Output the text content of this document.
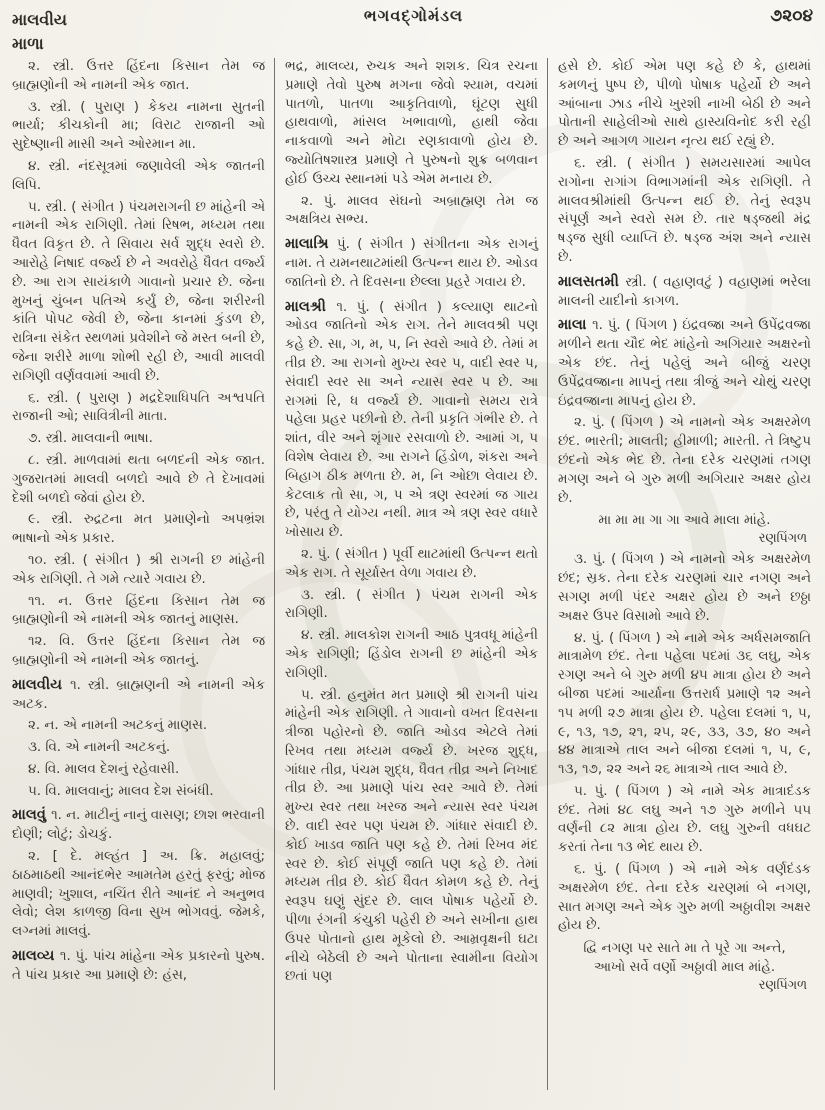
માલવીય
માળા
ભગવદ્ગોમંડલ	૭૨૦૪

૨. સ્ત્રી. ઉત્તર હિંદના કિસાન તેમ જ બ્રાહ્મણોની એ નામની એક જાત.

૩. સ્ત્રી. ( પુરાણ ) કેકય નામના સુતની ભાર્યા; કીચકોની મા; વિરાટ રાજાની ઓ સુદેષ્ણાની માસી અને ઓરમાન મા.

૪. સ્ત્રી. નંદસૂત્રમાં જણાવેલી એક જાતની લિપિ.

૫. સ્ત્રી. ( સંગીત ) પંચમરાગની છ માંહેની એ નામની એક રાગિણી. તેમાં રિષભ, મધ્યમ તથા ધૈવત વિકૃત છે. તે સિવાય સર્વ શુદ્ધ સ્વરો છે. આરોહે નિષાદ વર્જ્ય છે ને અવરોહે ધૈવત વર્જ્ય છે. આ રાગ સાયંકાળે ગાવાનો પ્રચાર છે. જેના મુખનું ચુંબન પતિએ કર્યું છે, જેના શરીરની કાંતિ પોપટ જેવી છે, જેના કાનમાં કુંડળ છે, રાત્રિના સંકેત સ્થળમાં પ્રવેશીને જે મસ્ત બની છે, જેના શરીરે માળા શોભી રહી છે, આવી માલવી રાગિણી વર્ણવવામાં આવી છે.

૬. સ્ત્રી. ( પુરાણ ) મદ્રદેશાધિપતિ અશ્વપતિ રાજાની ઓ; સાવિત્રીની માતા.

૭. સ્ત્રી. માલવાની ભાષા.

૮. સ્ત્રી. માળવામાં થતા બળદની એક જાત. ગુજરાતમાં માલવી બળદો આવે છે તે દેખાવમાં દેશી બળદો જેવાં હોય છે.

૯. સ્ત્રી. રુદ્રટના મત પ્રમાણેનો અપભ્રંશ ભાષાનો એક પ્રકાર.

૧૦. સ્ત્રી. ( સંગીત ) શ્રી રાગની છ માંહેની એક રાગિણી. તે ગમે ત્યારે ગવાય છે.

૧૧. ન. ઉત્તર હિંદના કિસાન તેમ જ બ્રાહ્મણોની એ નામની એક જાતનું માણસ.

૧૨. વિ. ઉત્તર હિંદના કિસાન તેમ જ બ્રાહ્મણોની એ નામની એક જાતનું.

માલવીય ૧. સ્ત્રી. બ્રાહ્મણની એ નામની એક અટક.

૨. ન. એ નામની અટકનું માણસ.

૩. વિ. એ નામની અટકનું.

૪. વિ. માલવ દેશનું રહેવાસી.

૫. વિ. માલવાનું; માલવ દેશ સંબંધી.

માલવું ૧. ન. માટીનું નાનું વાસણ; છાશ ભરવાની દોણી; લોટું; ડોચકું.

૨. [ દે. મલ્હંત ] અ. ક્રિ. મહાલવું; ઠાઠમાઠથી આનંદભેર આમતેમ હરતું ફરવું; મોજ માણવી; ખુશાલ, નચિંત રીતે આનંદ ને અનુભવ લેવો; લેશ કાળજી વિના સુખ ભોગવવું. જેમકે, લગ્નમાં માલવું.

માલવ્ય ૧. પું. પાંચ માંહેના એક પ્રકારનો પુરુષ. તે પાંચ પ્રકાર આ પ્રમાણે છે: હંસ,

ભદ્ર, માલવ્ય, રુચક અને શશક. ચિત્ર રચના પ્રમાણે તેવો પુરુષ મગના જેવો શ્યામ, વચમાં પાતળો, પાતળા આકૃતિવાળો, ઘૂંટણ સુધી હાથવાળો, માંસલ ખભાવાળો, હાથી જેવા નાકવાળો અને મોટા રણકાવાળો હોય છે. જ્યોતિષશાસ્ત્ર પ્રમાણે તે પુરુષનો શુક્ર બળવાન હોઈ ઉચ્ચ સ્થાનમાં પડે એમ મનાય છે.

૨. પું. માલવ સંઘનો અબ્રાહ્મણ તેમ જ અક્ષત્રિય સભ્ય.

માલાશ્રિ પું. ( સંગીત ) સંગીતના એક રાગનું નામ. તે યમનથાટમાંથી ઉત્પન્ન થાય છે. ઓડવ જાતિનો છે. તે દિવસના છેલ્લા પ્રહરે ગવાય છે.

માલશ્રી ૧. પું. ( સંગીત ) કલ્યાણ થાટનો ઓડવ જાતિનો એક રાગ. તેને માલવશ્રી પણ કહે છે. સા, ગ, મ, પ, નિ સ્વરો આવે છે. તેમાં મ તીવ્ર છે. આ રાગનો મુખ્ય સ્વર પ, વાદી સ્વર પ, સંવાદી સ્વર સા અને ન્યાસ સ્વર પ છે. આ રાગમાં રિ, ધ વર્જ્ય છે. ગાવાનો સમય રાત્રે પહેલા પ્રહર પછીનો છે. તેની પ્રકૃતિ ગંભીર છે. તે શાંત, વીર અને શૃંગાર રસવાળો છે. આમાં ગ, પ વિશેષ લેવાય છે. આ રાગને હિંડોળ, શંકરા અને બિહાગ ઠીક મળતા છે. મ, નિ ઓછા લેવાય છે. કેટલાક તો સા, ગ, પ એ ત્રણ સ્વરમાં જ ગાય છે, પરંતુ તે યોગ્ય નથી. માત્ર એ ત્રણ સ્વર વધારે ખોસાય છે.

૨. પું. ( સંગીત ) પૂર્વી થાટમાંથી ઉત્પન્ન થતો એક રાગ. તે સૂર્યાસ્ત વેળા ગવાય છે.

૩. સ્ત્રી. ( સંગીત ) પંચમ રાગની એક રાગિણી.

૪. સ્ત્રી. માલકોશ રાગની આઠ પુત્રવધૂ માંહેની એક રાગિણી; હિંડોલ રાગની છ માંહેની એક રાગિણી.

૫. સ્ત્રી. હનુમંત મત પ્રમાણે શ્રી રાગની પાંચ માંહેની એક રાગિણી. તે ગાવાનો વખત દિવસના ત્રીજા પહોરનો છે. જાતિ ઓડવ એટલે તેમાં રિખવ તથા મધ્યમ વર્જ્ય છે. ખરજ શુદ્ધ, ગાંધાર તીવ્ર, પંચમ શુદ્ધ, ધૈવત તીવ્ર અને નિખાદ તીવ્ર છે. આ પ્રમાણે પાંચ સ્વર આવે છે. તેમાં મુખ્ય સ્વર તથા ખરજ અને ન્યાસ સ્વર પંચમ છે. વાદી સ્વર પણ પંચમ છે. ગાંધાર સંવાદી છે. કોઈ ખાડવ જાતિ પણ કહે છે. તેમાં રિખવ મંદ સ્વર છે. કોઈ સંપૂર્ણ જાતિ પણ કહે છે. તેમાં મધ્યમ તીવ્ર છે. કોઈ ધૈવત કોમળ કહે છે. તેનું સ્વરૂપ ઘણું સુંદર છે. લાલ પોષાક પહેર્યો છે. પીળા રંગની કંચુકી પહેરી છે અને સખીના હાથ ઉપર પોતાનો હાથ મૂકેલો છે. આમ્રવૃક્ષની ઘટા નીચે બેઠેલી છે અને પોતાના સ્વામીના વિયોગ છતાં પણ

હસે છે. કોઈ એમ પણ કહે છે કે, હાથમાં કમળનું પુષ્પ છે, પીળો પોષાક પહેર્યો છે અને આંબાના ઝાડ નીચે ખુરશી નાખી બેઠી છે અને પોતાની સાહેલીઓ સાથે હાસ્યવિનોદ કરી રહી છે અને આગળ ગાયન નૃત્ય થઈ રહ્યું છે.

૬. સ્ત્રી. ( સંગીત ) સમયસારમાં આપેલ રાગોના રાગાંગ વિભાગમાંની એક રાગિણી. તે માલવશ્રીમાંથી ઉત્પન્ન થઈ છે. તેનું સ્વરૂપ સંપૂર્ણ અને સ્વરો સમ છે. તાર ષડ્જથી મંદ્ર ષડ્જ સુધી વ્યાપ્તિ છે. ષડ્જ અંશ અને ન્યાસ છે.

માલસતમી સ્ત્રી. ( વહાણવટું ) વહાણમાં ભરેલા માલની યાદીનો કાગળ.

માલા ૧. પું. ( પિંગળ ) ઇંદ્રવજ્રા અને ઉપેંદ્રવજ્રા મળીને થતા ચૌદ ભેદ માંહેનો અગિયાર અક્ષરનો એક છંદ. તેનું પહેલું અને બીજું ચરણ ઉપેંદ્રવજ્રાના માપનું તથા ત્રીજું અને ચોથું ચરણ ઇંદ્રવજ્રાના માપનું હોય છે.

૨. પું. ( પિંગળ ) એ નામનો એક અક્ષરમેળ છંદ. ભારતી; માલતી; હીમાળી; મારતી. તે ત્રિષ્ટુપ છંદનો એક ભેદ છે. તેના દરેક ચરણમાં તગણ મગણ અને બે ગુરુ મળી અગિયાર અક્ષર હોય છે.

મા મા મા ગા ગા આવે માલા માંહે.
રણપિંગળ

૩. પું. ( પિંગળ ) એ નામનો એક અક્ષરમેળ છંદ; સ્રક. તેના દરેક ચરણમાં ચાર નગણ અને સગણ મળી પંદર અક્ષર હોય છે અને છઠ્ઠા અક્ષર ઉપર વિસામો આવે છે.

૪. પું. ( પિંગળ ) એ નામે એક અર્ધસમજાતિ માત્રામેળ છંદ. તેના પહેલા પદમાં ૩૬ લઘુ, એક રગણ અને બે ગુરુ મળી ૪૫ માત્રા હોય છે અને બીજા પદમાં આર્યાના ઉત્તરાર્ધ પ્રમાણે ૧૨ અને ૧૫ મળી ૨૭ માત્રા હોય છે. પહેલા દલમાં ૧, ૫, ૯, ૧૩, ૧૭, ૨૧, ૨૫, ૨૯, ૩૩, ૩૭, ૪૦ અને ૪૪ માત્રાએ તાલ અને બીજા દલમાં ૧, ૫, ૯, ૧૩, ૧૭, ૨૨ અને ૨૬ માત્રાએ તાલ આવે છે.

૫. પું. ( પિંગળ ) એ નામે એક માત્રાદંડક છંદ. તેમાં ૪૮ લઘુ અને ૧૭ ગુરુ મળીને ૫૫ વર્ણની ૮૨ માત્રા હોય છે. લઘુ ગુરુની વધઘટ કરતાં તેના ૧૩ ભેદ થાય છે.

૬. પું. ( પિંગળ ) એ નામે એક વર્ણદંડક અક્ષરમેળ છંદ. તેના દરેક ચરણમાં બે નગણ, સાત મગણ અને એક ગુરુ મળી અઠ્ઠાવીશ અક્ષર હોય છે.

દ્વિ નગણ પર સાતે મા તે પૂરે ગા અન્તે,
આખો સર્વે વર્ણો અઠ્ઠાવી માલ માંહે.
રણપિંગળ
